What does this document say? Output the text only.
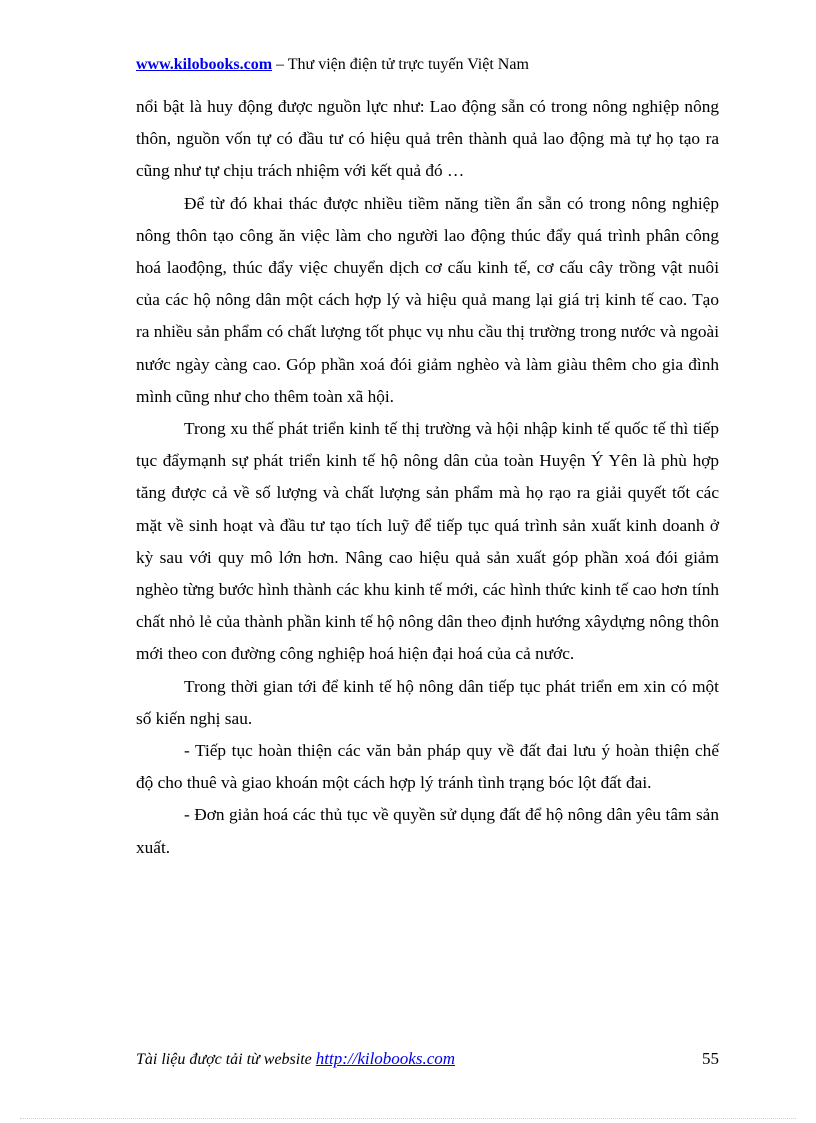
www.kilobooks.com – Thư viện điện tử trực tuyến Việt Nam

nổi bật là huy động được nguồn lực như: Lao động sẵn có trong nông nghiệp nông thôn, nguồn vốn tự có đầu tư có hiệu quả trên thành quả lao động mà tự họ tạo ra cũng như tự chịu trách nhiệm với kết quả đó …

Để từ đó khai thác được nhiều tiềm năng tiền ẩn sẵn có trong nông nghiệp nông thôn tạo công ăn việc làm cho người lao động thúc đẩy quá trình phân công hoá laođộng, thúc đẩy việc chuyển dịch cơ cấu kinh tế, cơ cấu cây trồng vật nuôi của các hộ nông dân một cách hợp lý và hiệu quả mang lại giá trị kinh tế cao. Tạo ra nhiều sản phẩm có chất lượng tốt phục vụ nhu cầu thị trường trong nước và ngoài nước ngày càng cao. Góp phần xoá đói giảm nghèo và làm giàu thêm cho gia đình mình cũng như cho thêm toàn xã hội.

Trong xu thế phát triển kinh tế thị trường và hội nhập kinh tế quốc tế thì tiếp tục đẩymạnh sự phát triển kinh tế hộ nông dân của toàn Huyện Ý Yên là phù hợp tăng được cả về số lượng và chất lượng sản phẩm mà họ rạo ra giải quyết tốt các mặt về sinh hoạt và đầu tư tạo tích luỹ để tiếp tục quá trình sản xuất kinh doanh ở kỳ sau với quy mô lớn hơn. Nâng cao hiệu quả sản xuất góp phần xoá đói giảm nghèo từng bước hình thành các khu kinh tế mới, các hình thức kinh tế cao hơn tính chất nhỏ lẻ của thành phần kinh tế hộ nông dân theo định hướng xâydựng nông thôn mới theo con đường công nghiệp hoá hiện đại hoá của cả nước.

Trong thời gian tới để kinh tế hộ nông dân tiếp tục phát triển em xin có một số kiến nghị sau.

- Tiếp tục hoàn thiện các văn bản pháp quy về đất đai lưu ý hoàn thiện chế độ cho thuê và giao khoán một cách hợp lý tránh tình trạng bóc lột đất đai.

- Đơn giản hoá các thủ tục về quyền sử dụng đất để hộ nông dân yêu tâm sản xuất.

Tài liệu được tải từ website http://kilobooks.com	55
